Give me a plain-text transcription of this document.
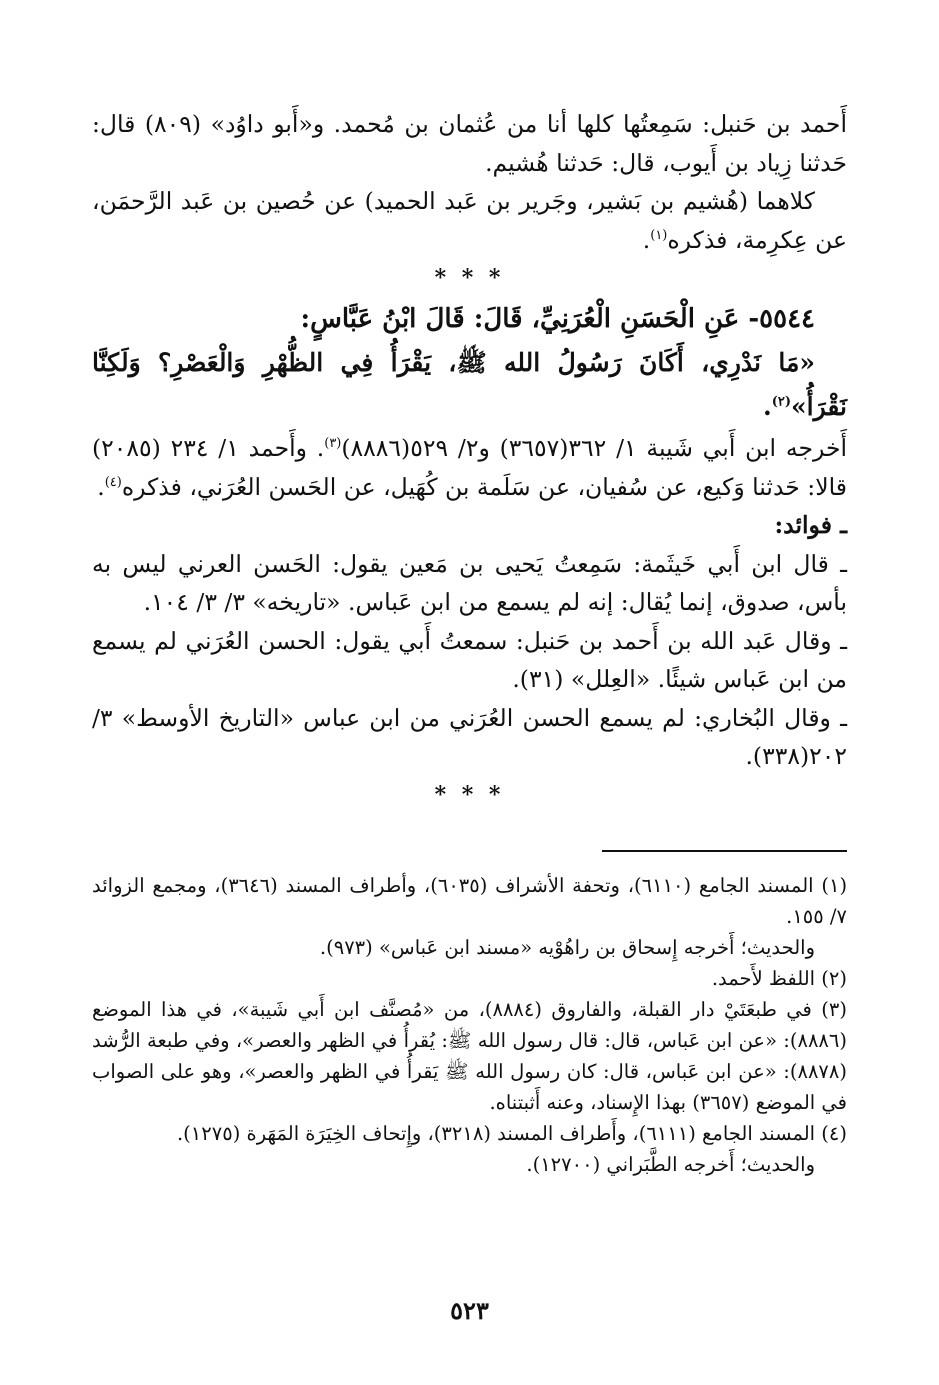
أَحمد بن حَنبل: سَمِعتُها كلها أنا من عُثمان بن مُحمد. و«أَبو داوُد» (٨٠٩) قال: حَدثنا زِياد بن أَيوب، قال: حَدثنا هُشيم.

كلاهما (هُشيم بن بَشير، وجَرير بن عَبد الحميد) عن حُصين بن عَبد الرَّحمَن، عن عِكرِمة، فذكره$^{(١)}$.

* * *

٥٥٤٤- عَنِ الْحَسَنِ الْعُرَنِيِّ، قَالَ: قَالَ ابْنُ عَبَّاسٍ:

«مَا نَدْرِي، أَكَانَ رَسُولُ الله ﷺ، يَقْرَأُ فِي الظُّهْرِ وَالْعَصْرِ؟ وَلَكِنَّا نَقْرَأُ»$^{(٢)}$.

أَخرجه ابن أَبي شَيبة ١/ ٣٦٢(٣٦٥٧) و٢/ ٥٢٩(٨٨٨٦)$^{(٣)}$. وأَحمد ١/ ٢٣٤ (٢٠٨٥) قالا: حَدثنا وَكيع، عن سُفيان، عن سَلَمة بن كُهَيل، عن الحَسن العُرَني، فذكره$^{(٤)}$.

ـ فوائد:

ـ قال ابن أَبي خَيثَمة: سَمِعتُ يَحيى بن مَعين يقول: الحَسن العرني ليس به بأس، صدوق، إنما يُقال: إنه لم يسمع من ابن عَباس. «تاريخه» ٣/ ٣/ ١٠٤.

ـ وقال عَبد الله بن أَحمد بن حَنبل: سمعتُ أَبي يقول: الحسن العُرَني لم يسمع من ابن عَباس شيئًا. «العِلل» (٣١).

ـ وقال البُخاري: لم يسمع الحسن العُرَني من ابن عباس «التاريخ الأوسط» ٣/ ٢٠٢(٣٣٨).

* * *

(١) المسند الجامع (٦١١٠)، وتحفة الأشراف (٦٠٣٥)، وأطراف المسند (٣٦٤٦)، ومجمع الزوائد ٧/ ١٥٥.

والحديث؛ أَخرجه إِسحاق بن راهُوْيه «مسند ابن عَباس» (٩٧٣).

(٢) اللفظ لأَحمد.

(٣) في طبعَتَيْ دار القبلة، والفاروق (٨٨٨٤)، من «مُصنَّف ابن أَبي شَيبة»، في هذا الموضع (٨٨٨٦): «عن ابن عَباس، قال: قال رسول الله ﷺ: يُقرأُ في الظهر والعصر»، وفي طبعة الرُّشد (٨٨٧٨): «عن ابن عَباس، قال: كان رسول الله ﷺ يَقرأُ في الظهر والعصر»، وهو على الصواب في الموضع (٣٦٥٧) بهذا الإِسناد، وعنه أَثبتناه.

(٤) المسند الجامع (٦١١١)، وأَطراف المسند (٣٢١٨)، وإِتحاف الخِيَرَة المَهَرة (١٢٧٥).

والحديث؛ أَخرجه الطَّبَراني (١٢٧٠٠).

٥٢٣
